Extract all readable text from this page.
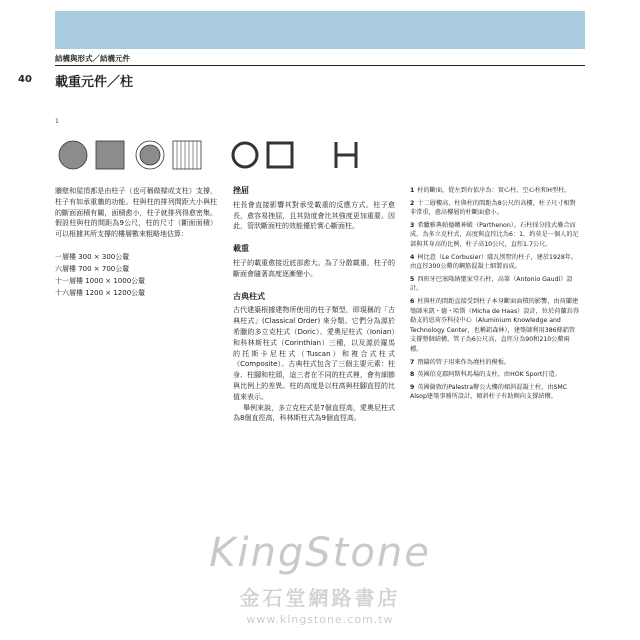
結構與形式／結構元件
40 載重元件／柱
1

牆壁和屋頂都是由柱子（也可稱做樑或支柱）支撐，柱子有如承重牆的功能。柱與柱的排列間距大小與柱的斷面面積有關，面積愈小，柱子就排列得愈密集。假設柱與柱的間距為9公尺，柱的尺寸（斷面面積）可以根據其所支撐的樓層數來粗略地估算：

一層樓 300 × 300公釐
六層樓 700 × 700公釐
十一層樓 1000 × 1000公釐
十六層樓 1200 × 1200公釐

挫屈

柱長會直接影響其對承受載重的反應方式。柱子愈長，愈容易挫屈，且其勁度會比其強度更加重要。因此，管狀斷面柱的效能優於實心斷面柱。

載重

柱子的載重愈接近底部愈大。為了分散載重，柱子的斷面會隨著高度逐漸變小。

古典柱式

古代建築根據建物所使用的柱子類型，即現稱的「古典柱式」(Classical Order) 來分類。它們分為源於希臘的多立克柱式（Doric）、愛奧尼柱式（Ionian）和科林斯柱式（Corinthian）三種，以及源於羅馬的托斯卡尼柱式（Tuscan）和複合式柱式（Composite）。古典柱式包含了三個主要元素：柱身、柱腳和柱頭，這三者在不同的柱式裡，會有細節與比例上的差異。柱的高度是以柱高與柱腳直徑的比值來表示。

舉例來說，多立克柱式是7個直徑高，愛奧尼柱式為8個直徑高，科林斯柱式為9個直徑高。

1 柱的斷面，從左到右依序為：實心柱、空心柱和H型柱。

2 十二層樓高、柱與柱的間距為8公尺的高樓，柱子尺寸相對非常重，愈高樓層的柱斷面愈小。

3 希臘雅典帕德嫩神殿（Parthenon）。石柱採分段式疊合而成，為多立克柱式，高度與直徑比為6：1，約莫是一個人的足部與其身高的比例，柱子高10公尺，直徑1.7公尺。

4 柯比意（Le Corbusier）薩瓦別墅的柱子，建於1928年，由直徑300公釐的鋼筋混凝土細製而成。

5 西班牙巴塞隆納聖家堂石柱，高第（Antonio Gaudí）設計。

6 柱與柱的間距直接受到柱子本身斷面面積的影響，由荷蘭建築師米凱・德・哈斯（Micha de Haas）設計，位於荷蘭烏得勒支的恩荷芬科技中心（Aluminium Knowledge and Technology Center，也稱鋁森林），建築師利用386條鋁管支撐整個結構，管子為6公尺高，直徑分為90和210公釐兩種。

7 預鑄的管子用來作為澆柱的模板。

8 英國伯克郡阿斯科馬場的支柱，由HOK Sport打造。

9 英國倫敦的Palestra辦公大樓的傾斜混凝土柱，由SMC Alsop建築事務所設計，傾斜柱子有助側向支撐結構。

KingStone
金石堂網路書店
www.kingstone.com.tw
